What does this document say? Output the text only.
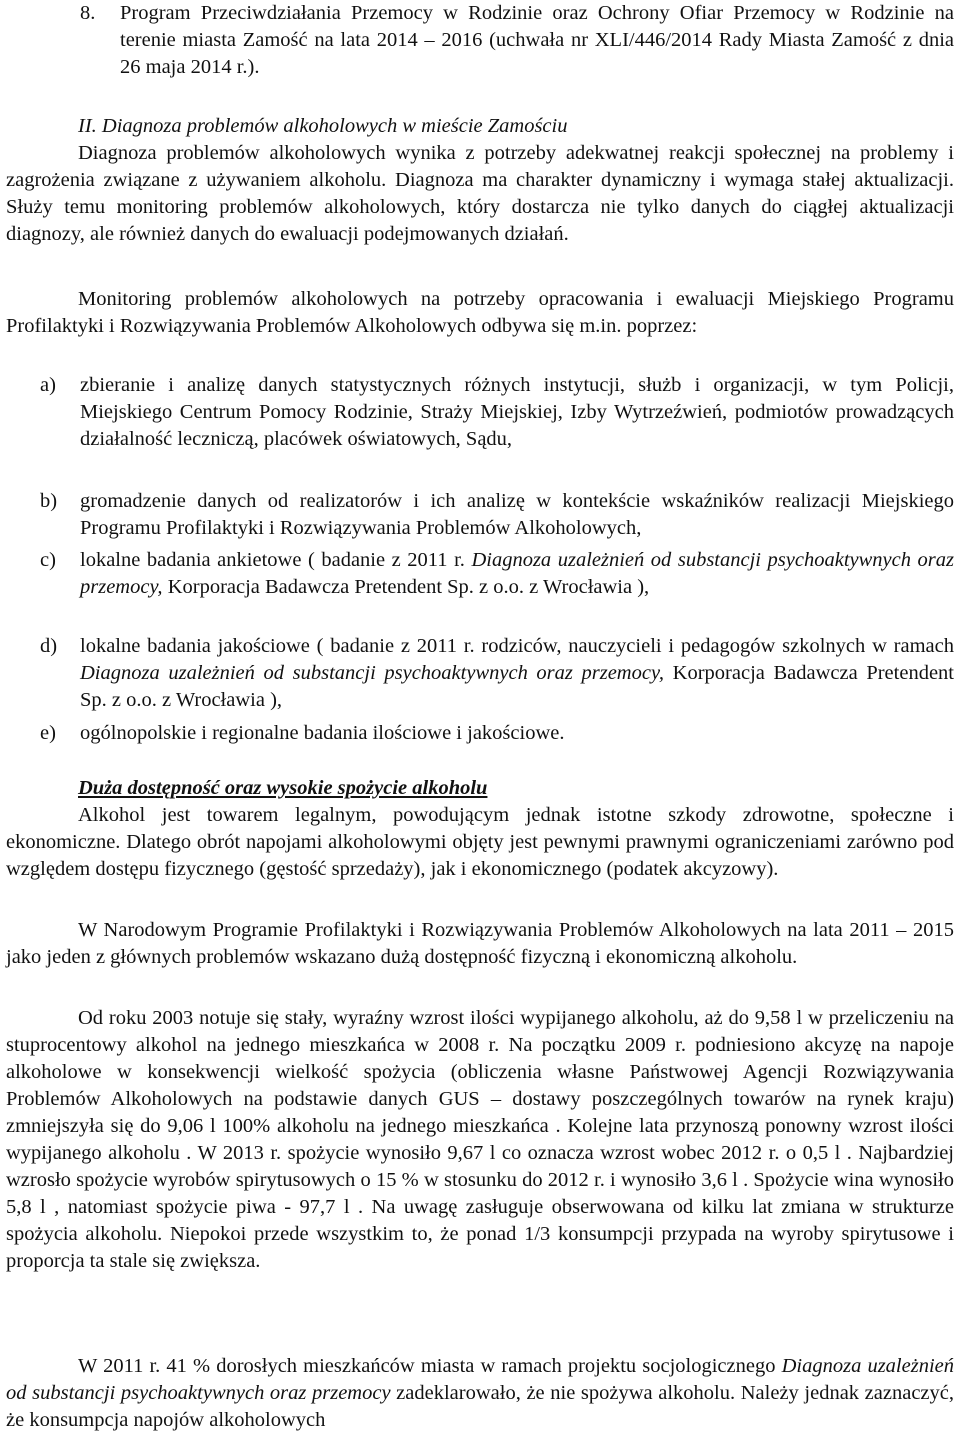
8. Program Przeciwdziałania Przemocy w Rodzinie oraz Ochrony Ofiar Przemocy w Rodzinie na terenie miasta Zamość na lata 2014 – 2016 (uchwała nr XLI/446/2014 Rady Miasta Zamość z dnia 26 maja 2014 r.).
II. Diagnoza problemów alkoholowych w mieście Zamościu
Diagnoza problemów alkoholowych wynika z potrzeby adekwatnej reakcji społecznej na problemy i zagrożenia związane z używaniem alkoholu. Diagnoza ma charakter dynamiczny i wymaga stałej aktualizacji. Służy temu monitoring problemów alkoholowych, który dostarcza nie tylko danych do ciągłej aktualizacji diagnozy, ale również danych do ewaluacji podejmowanych działań.
Monitoring problemów alkoholowych na potrzeby opracowania i ewaluacji Miejskiego Programu Profilaktyki i Rozwiązywania Problemów Alkoholowych odbywa się m.in. poprzez:
a) zbieranie i analizę danych statystycznych różnych instytucji, służb i organizacji, w tym Policji, Miejskiego Centrum Pomocy Rodzinie, Straży Miejskiej, Izby Wytrzeźwień, podmiotów prowadzących działalność leczniczą, placówek oświatowych, Sądu,
b) gromadzenie danych od realizatorów i ich analizę w kontekście wskaźników realizacji Miejskiego Programu Profilaktyki i Rozwiązywania Problemów Alkoholowych,
c) lokalne badania ankietowe ( badanie z 2011 r. Diagnoza uzależnień od substancji psychoaktywnych oraz przemocy, Korporacja Badawcza Pretendent Sp. z o.o. z Wrocławia ),
d) lokalne badania jakościowe ( badanie z 2011 r. rodziców, nauczycieli i pedagogów szkolnych w ramach Diagnoza uzależnień od substancji psychoaktywnych oraz przemocy, Korporacja Badawcza Pretendent Sp. z o.o. z Wrocławia ),
e) ogólnopolskie i regionalne badania ilościowe i jakościowe.
Duża dostępność oraz wysokie spożycie alkoholu
Alkohol jest towarem legalnym, powodującym jednak istotne szkody zdrowotne, społeczne i ekonomiczne. Dlatego obrót napojami alkoholowymi objęty jest pewnymi prawnymi ograniczeniami zarówno pod względem dostępu fizycznego (gęstość sprzedaży), jak i ekonomicznego (podatek akcyzowy).
W Narodowym Programie Profilaktyki i Rozwiązywania Problemów Alkoholowych na lata 2011 – 2015 jako jeden z głównych problemów wskazano dużą dostępność fizyczną i ekonomiczną alkoholu.
Od roku 2003 notuje się stały, wyraźny wzrost ilości wypijanego alkoholu, aż do 9,58 l w przeliczeniu na stuprocentowy alkohol na jednego mieszkańca w 2008 r. Na początku 2009 r. podniesiono akcyzę na napoje alkoholowe w konsekwencji wielkość spożycia (obliczenia własne Państwowej Agencji Rozwiązywania Problemów Alkoholowych na podstawie danych GUS – dostawy poszczególnych towarów na rynek kraju) zmniejszyła się do 9,06 l 100% alkoholu na jednego mieszkańca . Kolejne lata przynoszą ponowny wzrost ilości wypijanego alkoholu . W 2013 r. spożycie wynosiło 9,67 l co oznacza wzrost wobec 2012 r. o 0,5 l . Najbardziej wzrosło spożycie wyrobów spirytusowych o 15 % w stosunku do 2012 r. i wynosiło 3,6 l . Spożycie wina wynosiło 5,8 l , natomiast spożycie piwa - 97,7 l . Na uwagę zasługuje obserwowana od kilku lat zmiana w strukturze spożycia alkoholu. Niepokoi przede wszystkim to, że ponad 1/3 konsumpcji przypada na wyroby spirytusowe i proporcja ta stale się zwiększa.
W 2011 r. 41 % dorosłych mieszkańców miasta w ramach projektu socjologicznego Diagnoza uzależnień od substancji psychoaktywnych oraz przemocy zadeklarowało, że nie spożywa alkoholu. Należy jednak zaznaczyć, że konsumpcja napojów alkoholowych
